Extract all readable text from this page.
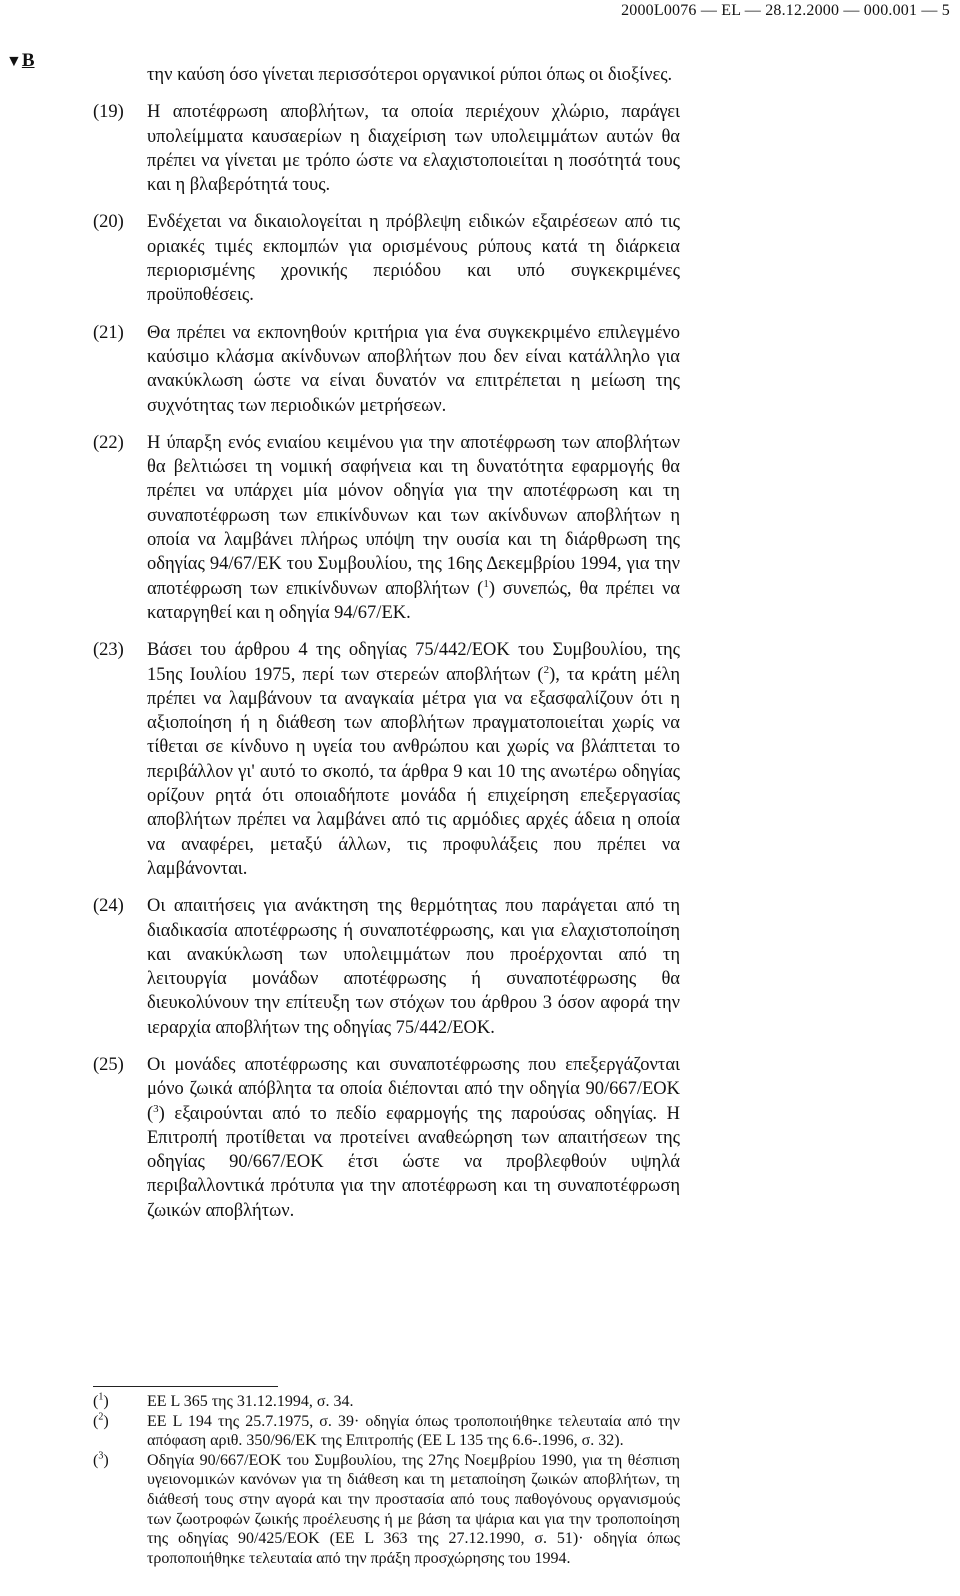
2000L0076 — EL — 28.12.2000 — 000.001 — 5
▼B
την καύση όσο γίνεται περισσότεροι οργανικοί ρύποι όπως οι διοξίνες.
(19)	Η αποτέφρωση αποβλήτων, τα οποία περιέχουν χλώριο, παράγει υπολείμματα καυσαερίων η διαχείριση των υπολειμμάτων αυτών θα πρέπει να γίνεται με τρόπο ώστε να ελαχιστοποιείται η ποσότητά τους και η βλαβερότητά τους.
(20)	Ενδέχεται να δικαιολογείται η πρόβλεψη ειδικών εξαιρέσεων από τις οριακές τιμές εκπομπών για ορισμένους ρύπους κατά τη διάρκεια περιορισμένης χρονικής περιόδου και υπό συγκεκριμένες προϋποθέσεις.
(21)	Θα πρέπει να εκπονηθούν κριτήρια για ένα συγκεκριμένο επιλεγμένο καύσιμο κλάσμα ακίνδυνων αποβλήτων που δεν είναι κατάλληλο για ανακύκλωση ώστε να είναι δυνατόν να επιτρέπεται η μείωση της συχνότητας των περιοδικών μετρήσεων.
(22)	Η ύπαρξη ενός ενιαίου κειμένου για την αποτέφρωση των αποβλήτων θα βελτιώσει τη νομική σαφήνεια και τη δυνατότητα εφαρμογής θα πρέπει να υπάρχει μία μόνον οδηγία για την αποτέφρωση και τη συναποτέφρωση των επικίνδυνων και των ακίνδυνων αποβλήτων η οποία να λαμβάνει πλήρως υπόψη την ουσία και τη διάρθρωση της οδηγίας 94/67/ΕΚ του Συμβουλίου, της 16ης Δεκεμβρίου 1994, για την αποτέφρωση των επικίνδυνων αποβλήτων ($^1$) συνεπώς, θα πρέπει να καταργηθεί και η οδηγία 94/67/ΕΚ.
(23)	Βάσει του άρθρου 4 της οδηγίας 75/442/ΕΟΚ του Συμβουλίου, της 15ης Ιουλίου 1975, περί των στερεών αποβλήτων ($^2$), τα κράτη μέλη πρέπει να λαμβάνουν τα αναγκαία μέτρα για να εξασφαλίζουν ότι η αξιοποίηση ή η διάθεση των αποβλήτων πραγματοποιείται χωρίς να τίθεται σε κίνδυνο η υγεία του ανθρώπου και χωρίς να βλάπτεται το περιβάλλον γι' αυτό το σκοπό, τα άρθρα 9 και 10 της ανωτέρω οδηγίας ορίζουν ρητά ότι οποιαδήποτε μονάδα ή επιχείρηση επεξεργασίας αποβλήτων πρέπει να λαμβάνει από τις αρμόδιες αρχές άδεια η οποία να αναφέρει, μεταξύ άλλων, τις προφυλάξεις που πρέπει να λαμβάνονται.
(24)	Οι απαιτήσεις για ανάκτηση της θερμότητας που παράγεται από τη διαδικασία αποτέφρωσης ή συναποτέφρωσης, και για ελαχιστοποίηση και ανακύκλωση των υπολειμμάτων που προέρχονται από τη λειτουργία μονάδων αποτέφρωσης ή συναποτέφρωσης θα διευκολύνουν την επίτευξη των στόχων του άρθρου 3 όσον αφορά την ιεραρχία αποβλήτων της οδηγίας 75/442/ΕΟΚ.
(25)	Οι μονάδες αποτέφρωσης και συναποτέφρωσης που επεξεργάζονται μόνο ζωικά απόβλητα τα οποία διέπονται από την οδηγία 90/667/ΕΟΚ ($^3$) εξαιρούνται από το πεδίο εφαρμογής της παρούσας οδηγίας. Η Επιτροπή προτίθεται να προτείνει αναθεώρηση των απαιτήσεων της οδηγίας 90/667/ΕΟΚ έτσι ώστε να προβλεφθούν υψηλά περιβαλλοντικά πρότυπα για την αποτέφρωση και τη συναποτέφρωση ζωικών αποβλήτων.
($^1$)	ΕΕ L 365 της 31.12.1994, σ. 34.
($^2$)	ΕΕ L 194 της 25.7.1975, σ. 39· οδηγία όπως τροποποιήθηκε τελευταία από την απόφαση αριθ. 350/96/ΕΚ της Επιτροπής (ΕΕ L 135 της 6.6-.1996, σ. 32).
($^3$)	Οδηγία 90/667/ΕΟΚ του Συμβουλίου, της 27ης Νοεμβρίου 1990, για τη θέσπιση υγειονομικών κανόνων για τη διάθεση και τη μεταποίηση ζωικών αποβλήτων, τη διάθεσή τους στην αγορά και την προστασία από τους παθογόνους οργανισμούς των ζωοτροφών ζωικής προέλευσης ή με βάση τα ψάρια και για την τροποποίηση της οδηγίας 90/425/ΕΟΚ (ΕΕ L 363 της 27.12.1990, σ. 51)· οδηγία όπως τροποποιήθηκε τελευταία από την πράξη προσχώρησης του 1994.
